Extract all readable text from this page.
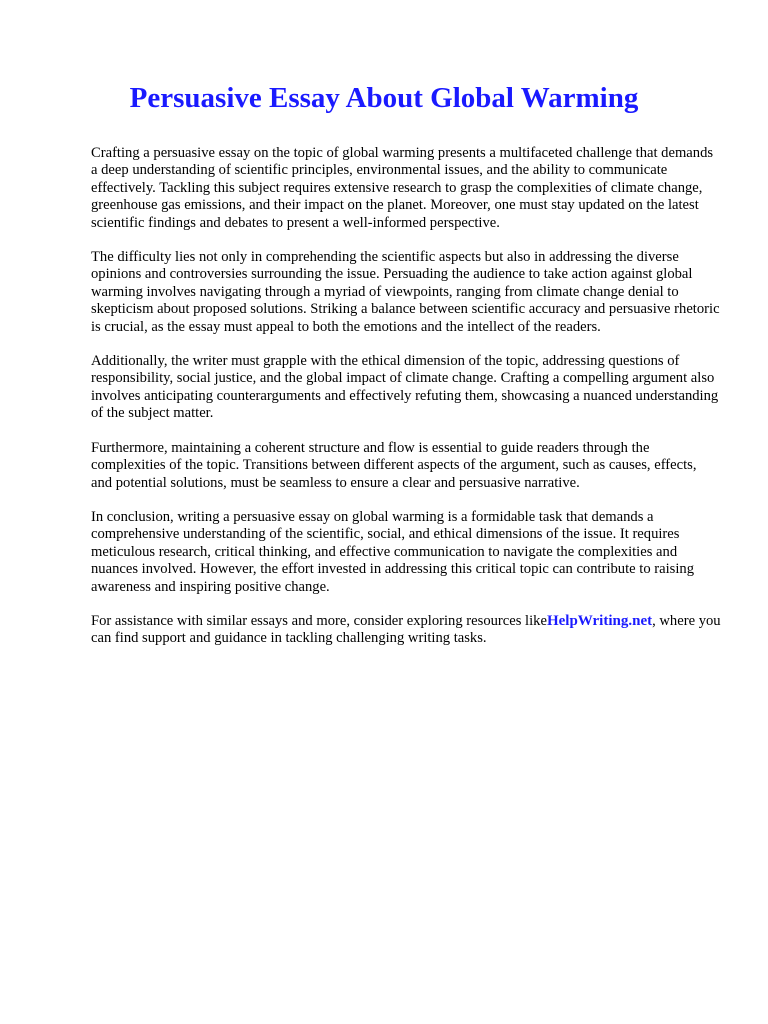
Persuasive Essay About Global Warming

Crafting a persuasive essay on the topic of global warming presents a multifaceted challenge that demands a deep understanding of scientific principles, environmental issues, and the ability to communicate effectively. Tackling this subject requires extensive research to grasp the complexities of climate change, greenhouse gas emissions, and their impact on the planet. Moreover, one must stay updated on the latest scientific findings and debates to present a well-informed perspective.

The difficulty lies not only in comprehending the scientific aspects but also in addressing the diverse opinions and controversies surrounding the issue. Persuading the audience to take action against global warming involves navigating through a myriad of viewpoints, ranging from climate change denial to skepticism about proposed solutions. Striking a balance between scientific accuracy and persuasive rhetoric is crucial, as the essay must appeal to both the emotions and the intellect of the readers.

Additionally, the writer must grapple with the ethical dimension of the topic, addressing questions of responsibility, social justice, and the global impact of climate change. Crafting a compelling argument also involves anticipating counterarguments and effectively refuting them, showcasing a nuanced understanding of the subject matter.

Furthermore, maintaining a coherent structure and flow is essential to guide readers through the complexities of the topic. Transitions between different aspects of the argument, such as causes, effects, and potential solutions, must be seamless to ensure a clear and persuasive narrative.

In conclusion, writing a persuasive essay on global warming is a formidable task that demands a comprehensive understanding of the scientific, social, and ethical dimensions of the issue. It requires meticulous research, critical thinking, and effective communication to navigate the complexities and nuances involved. However, the effort invested in addressing this critical topic can contribute to raising awareness and inspiring positive change.

For assistance with similar essays and more, consider exploring resources likeHelpWriting.net, where you can find support and guidance in tackling challenging writing tasks.
